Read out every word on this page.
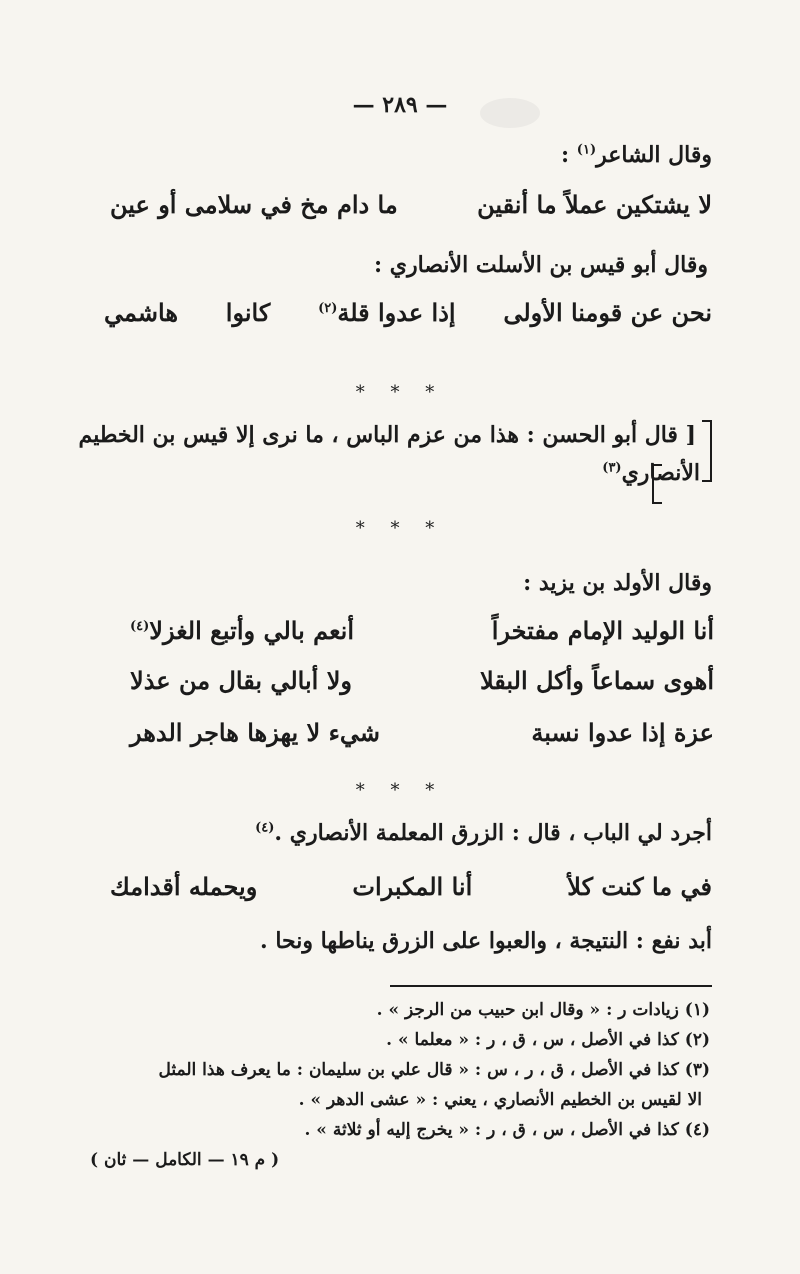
— ٢٨٩ —
وقال الشاعر$^{(١)}$ :
لا يشتكين عملاً ما أنقين
ما دام مخ في سلامى أو عين
وقال أبو قيس بن الأسلت الأنصاري :
نحن عن قومنا الأولى
إذا عدوا قلة(٢)
كانوا
هاشمي
* * *
[ قال أبو الحسن : هذا من عزم الباس ، ما نرى إلا قيس بن الخطيم
الأنصاري$^{(٣)}$
* * *
وقال الأولد بن يزيد :
أنا الوليد الإمام مفتخراً
أنعم بالي وأتبع الغزلا(٤)
أهوى سماعاً وأكل البقلا
ولا أبالي بقال من عذلا
عزة إذا عدوا نسبة
شيء لا يهزها هاجر الدهر
* * *
أجرد لي الباب ، قال : الزرق المعلمة الأنصاري .$^{(٤)}$
في ما كنت كلأ
أنا المكبرات
ويحمله أقدامك
أبد نفع : النتيجة ، والعبوا على الزرق يناطها ونحا .
(١) زيادات ر : « وقال ابن حبيب من الرجز » .
(٢) كذا في الأصل ، س ، ق ، ر : « معلما » .
(٣) كذا في الأصل ، ق ، ر ، س : « قال علي بن سليمان : ما يعرف هذا المثل
الا لقيس بن الخطيم الأنصاري ، يعني : « عشى الدهر » .
(٤) كذا في الأصل ، س ، ق ، ر : « يخرج إليه أو ثلاثة » .
( م ١٩ — الكامل — ثان )
